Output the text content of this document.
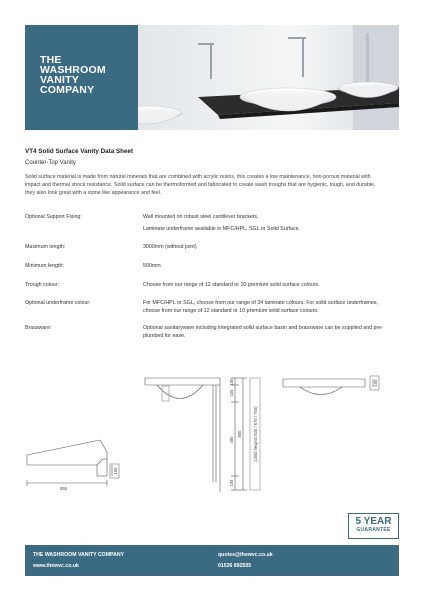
THE
WASHROOM
VANITY
COMPANY
VT4 Solid Surface Vanity Data Sheet
Counter-Top Vanity
Solid surface material is made from natural minerals that are combined with acrylic resins, this creates a low maintenance, non-porous material with impact and thermal shock resistance. Solid surface can be thermoformed and fabricated to create wash troughs that are hygienic, tough, and durable, they also look great with a stone like appearance and feel.
Optional Support Fixing:	Wall mounted on robust steel cantilever brackets.
Laminate underframe available in MFC/HPL, SGL or Solid Surface.
Maximum length:	3000mm (without joint)
Minimum length:	500mm
Trough colour:	Choose from our range of 12 standard or 10 premium solid surface colours.
Optional underframe colour:	For MFC/HPL or SGL, choose from our range of 34 laminate colours. For solid surface underframes, choose from our range of 12 standard or 10 premium solid surface colours.
Brassware:	Optional sanitaryware including integrated solid surface basin and brassware can be supplied and pre-plumbed for ease.
555
100
100
105
490
105
800	(child heights 600 / 675 / 750)
100
5 YEAR
GUARANTEE
THE WASHROOM VANITY COMPANY
www.thewvc.co.uk
quotes@thewvc.co.uk
01536 892505
